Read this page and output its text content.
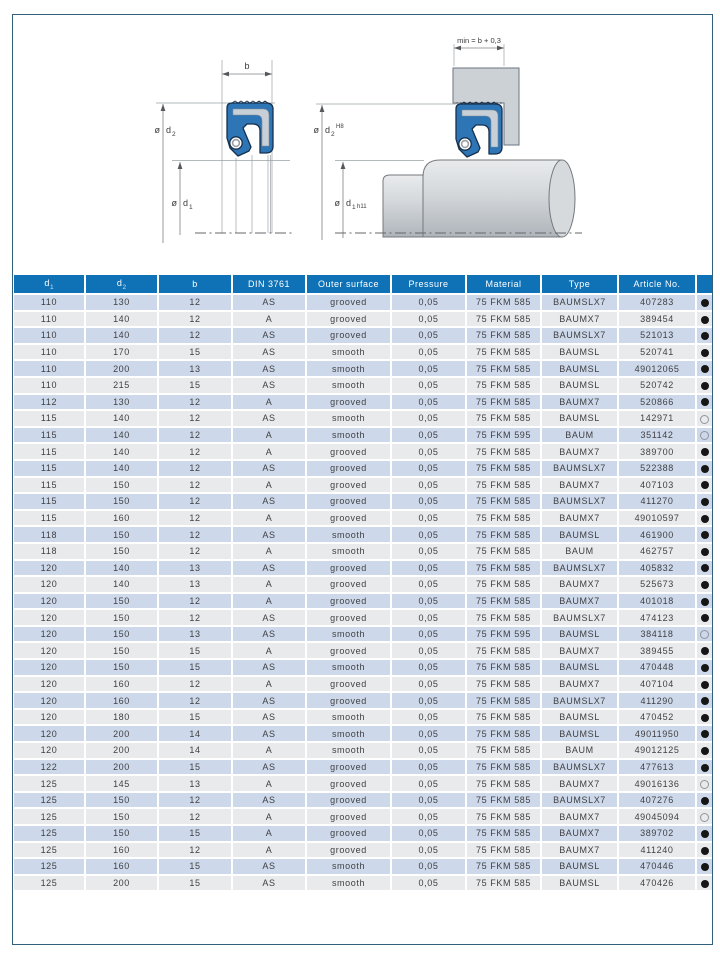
b
ø d 2
ø d 1
min = b + 0,3
ø d 2
H8
ø d 1 h11
$d_1$	$d_2$	b	DIN 3761	Outer surface	Pressure	Material	Type	Article No.	
110	130	12	AS	grooved	0,05	75 FKM 585	BAUMSLX7	407283	
110	140	12	A	grooved	0,05	75 FKM 585	BAUMX7	389454	
110	140	12	AS	grooved	0,05	75 FKM 585	BAUMSLX7	521013	
110	170	15	AS	smooth	0,05	75 FKM 585	BAUMSL	520741	
110	200	13	AS	smooth	0,05	75 FKM 585	BAUMSL	49012065	
110	215	15	AS	smooth	0,05	75 FKM 585	BAUMSL	520742	
112	130	12	A	grooved	0,05	75 FKM 585	BAUMX7	520866	
115	140	12	AS	smooth	0,05	75 FKM 585	BAUMSL	142971	
115	140	12	A	smooth	0,05	75 FKM 595	BAUM	351142	
115	140	12	A	grooved	0,05	75 FKM 585	BAUMX7	389700	
115	140	12	AS	grooved	0,05	75 FKM 585	BAUMSLX7	522388	
115	150	12	A	grooved	0,05	75 FKM 585	BAUMX7	407103	
115	150	12	AS	grooved	0,05	75 FKM 585	BAUMSLX7	411270	
115	160	12	A	grooved	0,05	75 FKM 585	BAUMX7	49010597	
118	150	12	AS	smooth	0,05	75 FKM 585	BAUMSL	461900	
118	150	12	A	smooth	0,05	75 FKM 585	BAUM	462757	
120	140	13	AS	grooved	0,05	75 FKM 585	BAUMSLX7	405832	
120	140	13	A	grooved	0,05	75 FKM 585	BAUMX7	525673	
120	150	12	A	grooved	0,05	75 FKM 585	BAUMX7	401018	
120	150	12	AS	grooved	0,05	75 FKM 585	BAUMSLX7	474123	
120	150	13	AS	smooth	0,05	75 FKM 595	BAUMSL	384118	
120	150	15	A	grooved	0,05	75 FKM 585	BAUMX7	389455	
120	150	15	AS	smooth	0,05	75 FKM 585	BAUMSL	470448	
120	160	12	A	grooved	0,05	75 FKM 585	BAUMX7	407104	
120	160	12	AS	grooved	0,05	75 FKM 585	BAUMSLX7	411290	
120	180	15	AS	smooth	0,05	75 FKM 585	BAUMSL	470452	
120	200	14	AS	smooth	0,05	75 FKM 585	BAUMSL	49011950	
120	200	14	A	smooth	0,05	75 FKM 585	BAUM	49012125	
122	200	15	AS	grooved	0,05	75 FKM 585	BAUMSLX7	477613	
125	145	13	A	grooved	0,05	75 FKM 585	BAUMX7	49016136	
125	150	12	AS	grooved	0,05	75 FKM 585	BAUMSLX7	407276	
125	150	12	A	grooved	0,05	75 FKM 585	BAUMX7	49045094	
125	150	15	A	grooved	0,05	75 FKM 585	BAUMX7	389702	
125	160	12	A	grooved	0,05	75 FKM 585	BAUMX7	411240	
125	160	15	AS	smooth	0,05	75 FKM 585	BAUMSL	470446	
125	200	15	AS	smooth	0,05	75 FKM 585	BAUMSL	470426	
